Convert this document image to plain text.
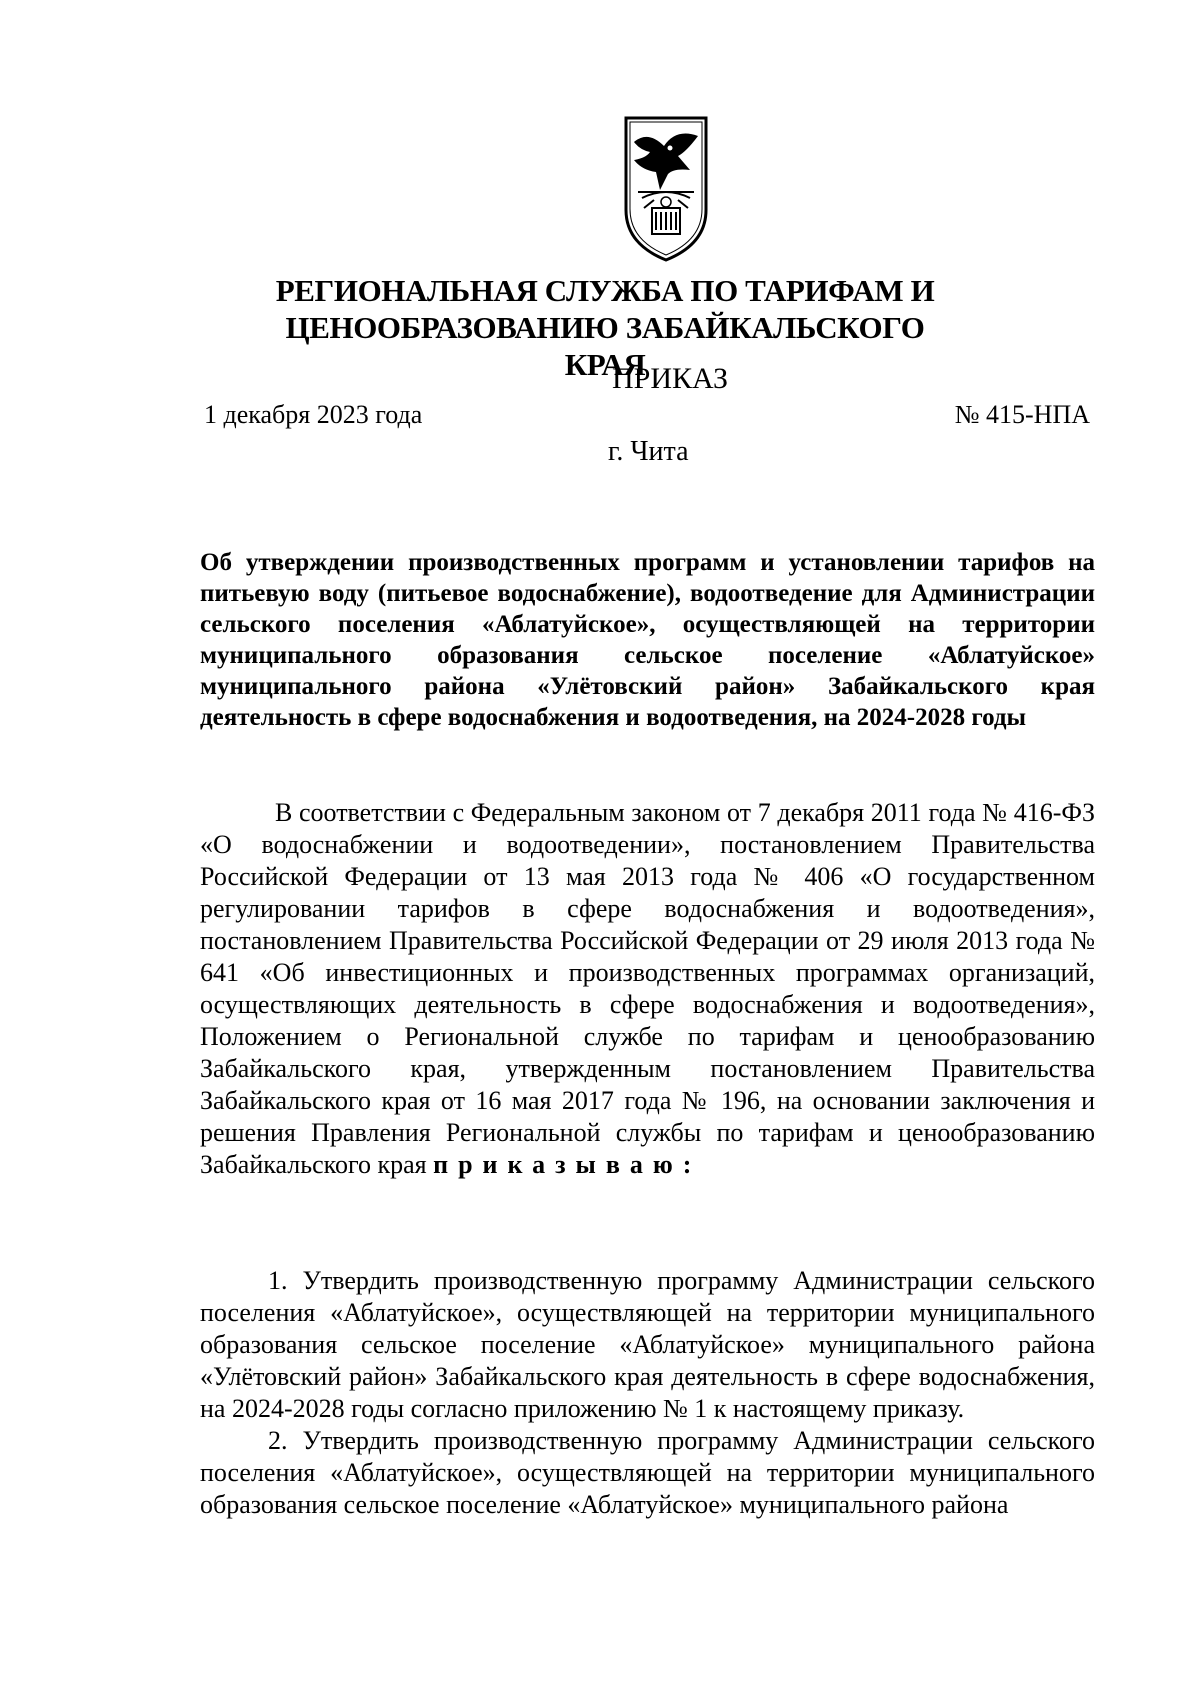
РЕГИОНАЛЬНАЯ СЛУЖБА ПО ТАРИФАМ И
ЦЕНООБРАЗОВАНИЮ ЗАБАЙКАЛЬСКОГО КРАЯ
ПРИКАЗ
1 декабря 2023 года	№ 415-НПА
г. Чита

Об утверждении производственных программ и установлении тарифов на питьевую воду (питьевое водоснабжение), водоотведение для Администрации сельского поселения «Аблатуйское», осуществляющей на территории муниципального образования сельское поселение «Аблатуйское» муниципального района «Улётовский район» Забайкальского края деятельность в сфере водоснабжения и водоотведения, на 2024-2028 годы

В соответствии с Федеральным законом от 7 декабря 2011 года № 416-ФЗ «О водоснабжении и водоотведении», постановлением Правительства Российской Федерации от 13 мая 2013 года № 406 «О государственном регулировании тарифов в сфере водоснабжения и водоотведения», постановлением Правительства Российской Федерации от 29 июля 2013 года № 641 «Об инвестиционных и производственных программах организаций, осуществляющих деятельность в сфере водоснабжения и водоотведения», Положением о Региональной службе по тарифам и ценообразованию Забайкальского края, утвержденным постановлением Правительства Забайкальского края от 16 мая 2017 года № 196, на основании заключения и решения Правления Региональной службы по тарифам и ценообразованию Забайкальского края приказываю:

1. Утвердить производственную программу Администрации сельского поселения «Аблатуйское», осуществляющей на территории муниципального образования сельское поселение «Аблатуйское» муниципального района «Улётовский район» Забайкальского края деятельность в сфере водоснабжения, на 2024-2028 годы согласно приложению № 1 к настоящему приказу.

2. Утвердить производственную программу Администрации сельского поселения «Аблатуйское», осуществляющей на территории муниципального образования сельское поселение «Аблатуйское» муниципального района
